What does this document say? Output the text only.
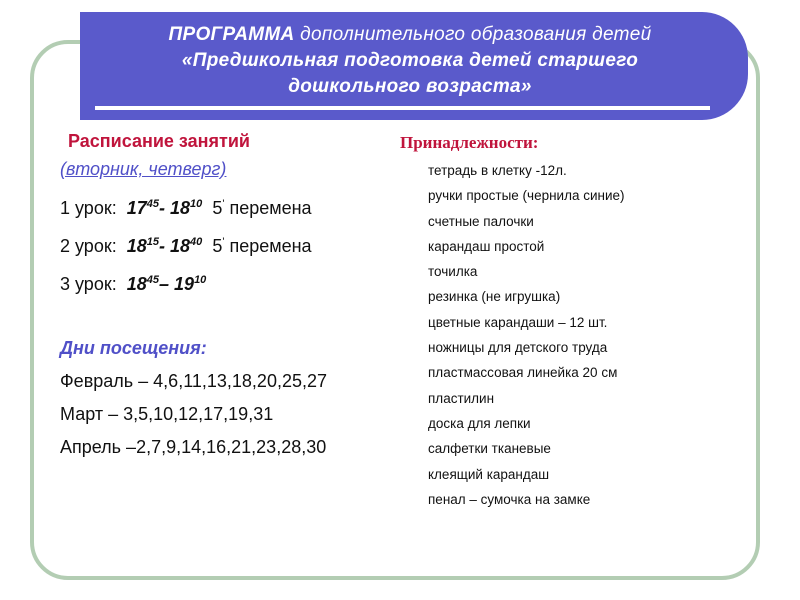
ПРОГРАММА дополнительного образования детей
«Предшкольная подготовка детей старшего
дошкольного возраста»
Расписание занятий
(вторник, четверг)
1 урок: $17^{45}-$ $18^{10}$ 5' перемена
2 урок: $18^{15}-$ $18^{40}$ 5' перемена
3 урок: $18^{45}-$ $19^{10}$
Дни посещения:
Февраль – 4,6,11,13,18,20,25,27
Март – 3,5,10,12,17,19,31
Апрель –2,7,9,14,16,21,23,28,30
Принадлежности:
тетрадь в клетку -12л.
ручки простые (чернила синие)
счетные палочки
карандаш простой
точилка
резинка (не игрушка)
цветные карандаши – 12 шт.
ножницы для детского труда
пластмассовая линейка 20 см
пластилин
доска для лепки
салфетки тканевые
клеящий карандаш
пенал – сумочка на замке
